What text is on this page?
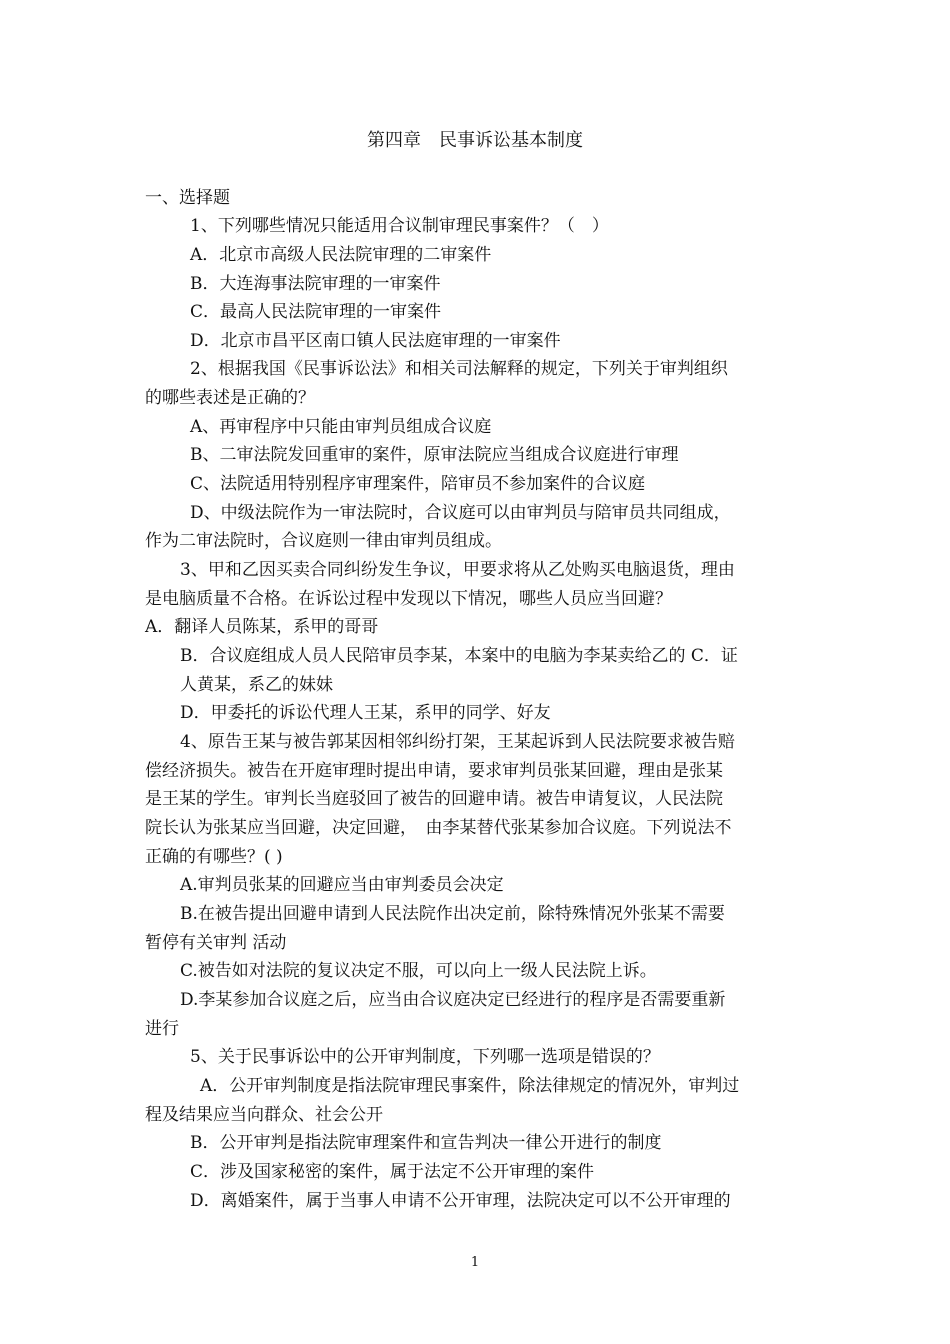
第四章　民事诉讼基本制度
一、选择题
1、下列哪些情况只能适用合议制审理民事案件？（　）
A．北京市高级人民法院审理的二审案件
B．大连海事法院审理的一审案件
C．最高人民法院审理的一审案件
D．北京市昌平区南口镇人民法庭审理的一审案件
2、根据我国《民事诉讼法》和相关司法解释的规定，下列关于审判组织
的哪些表述是正确的？
A、再审程序中只能由审判员组成合议庭
B、二审法院发回重审的案件，原审法院应当组成合议庭进行审理
C、法院适用特别程序审理案件，陪审员不参加案件的合议庭
D、中级法院作为一审法院时，合议庭可以由审判员与陪审员共同组成，
作为二审法院时，合议庭则一律由审判员组成。
3、甲和乙因买卖合同纠纷发生争议，甲要求将从乙处购买电脑退货，理由
是电脑质量不合格。在诉讼过程中发现以下情况，哪些人员应当回避？
A．翻译人员陈某，系甲的哥哥
B．合议庭组成人员人民陪审员李某，本案中的电脑为李某卖给乙的 C．证
人黄某，系乙的妹妹
D．甲委托的诉讼代理人王某，系甲的同学、好友
4、原告王某与被告郭某因相邻纠纷打架，王某起诉到人民法院要求被告赔
偿经济损失。被告在开庭审理时提出申请，要求审判员张某回避，理由是张某
是王某的学生。审判长当庭驳回了被告的回避申请。被告申请复议，人民法院
院长认为张某应当回避，决定回避，　由李某替代张某参加合议庭。下列说法不
正确的有哪些？( )
A.审判员张某的回避应当由审判委员会决定
B.在被告提出回避申请到人民法院作出决定前，除特殊情况外张某不需要
暂停有关审判 活动
C.被告如对法院的复议决定不服，可以向上一级人民法院上诉。
D.李某参加合议庭之后，应当由合议庭决定已经进行的程序是否需要重新
进行
5、关于民事诉讼中的公开审判制度，下列哪一选项是错误的？
A．公开审判制度是指法院审理民事案件，除法律规定的情况外，审判过
程及结果应当向群众、社会公开
B．公开审判是指法院审理案件和宣告判决一律公开进行的制度
C．涉及国家秘密的案件，属于法定不公开审理的案件
D．离婚案件，属于当事人申请不公开审理，法院决定可以不公开审理的
1
